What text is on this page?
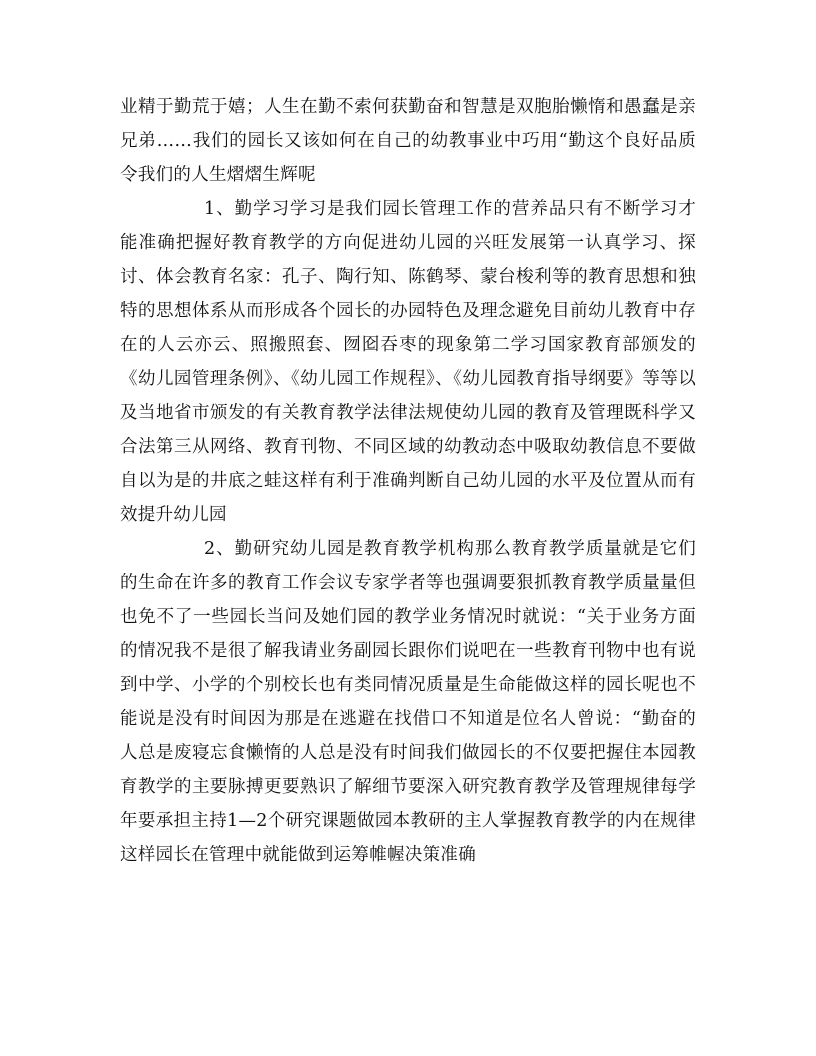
业精于勤荒于嬉；人生在勤不索何获勤奋和智慧是双胞胎懒惰和愚蠢是亲兄弟……我们的园长又该如何在自己的幼教事业中巧用“勤这个良好品质令我们的人生熠熠生辉呢

1、勤学习学习是我们园长管理工作的营养品只有不断学习才能准确把握好教育教学的方向促进幼儿园的兴旺发展第一认真学习、探讨、体会教育名家：孔子、陶行知、陈鹤琴、蒙台梭利等的教育思想和独特的思想体系从而形成各个园长的办园特色及理念避免目前幼儿教育中存在的人云亦云、照搬照套、囫囵吞枣的现象第二学习国家教育部颁发的《幼儿园管理条例》、《幼儿园工作规程》、《幼儿园教育指导纲要》等等以及当地省市颁发的有关教育教学法律法规使幼儿园的教育及管理既科学又合法第三从网络、教育刊物、不同区域的幼教动态中吸取幼教信息不要做自以为是的井底之蛙这样有利于准确判断自己幼儿园的水平及位置从而有效提升幼儿园

2、勤研究幼儿园是教育教学机构那么教育教学质量就是它们的生命在许多的教育工作会议专家学者等也强调要狠抓教育教学质量量但也免不了一些园长当问及她们园的教学业务情况时就说：“关于业务方面的情况我不是很了解我请业务副园长跟你们说吧在一些教育刊物中也有说到中学、小学的个别校长也有类同情况质量是生命能做这样的园长呢也不能说是没有时间因为那是在逃避在找借口不知道是位名人曾说：“勤奋的人总是废寝忘食懒惰的人总是没有时间我们做园长的不仅要把握住本园教育教学的主要脉搏更要熟识了解细节要深入研究教育教学及管理规律每学年要承担主持1—2个研究课题做园本教研的主人掌握教育教学的内在规律这样园长在管理中就能做到运筹帷幄决策准确
